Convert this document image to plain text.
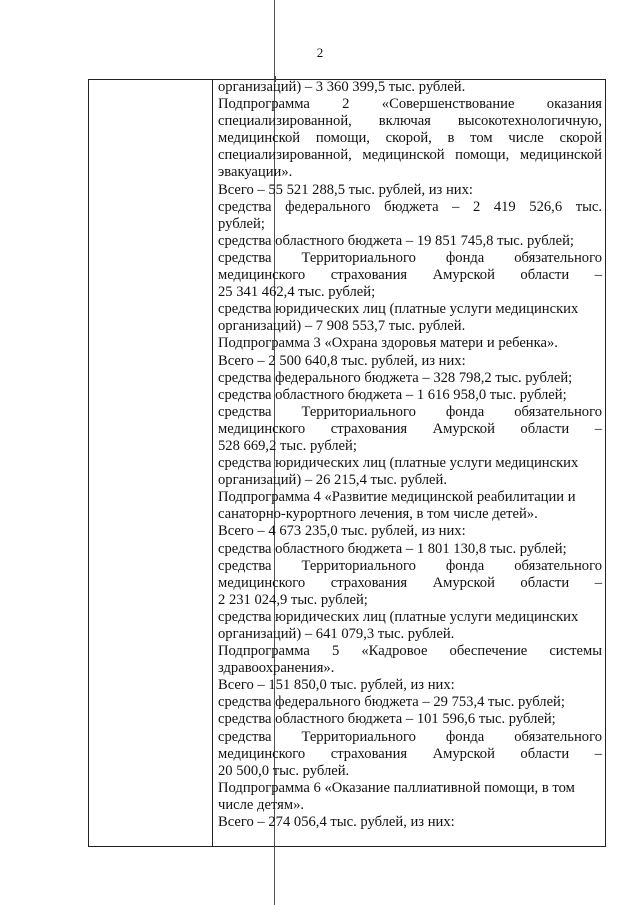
2
организаций) – 3 360 399,5 тыс. рублей.
Подпрограмма 2 «Совершенствование оказания
специализированной, включая высокотехнологичную,
медицинской помощи, скорой, в том числе скорой
специализированной, медицинской помощи, медицинской
эвакуации».
Всего – 55 521 288,5 тыс. рублей, из них:
средства федерального бюджета – 2 419 526,6 тыс.
рублей;
средства областного бюджета – 19 851 745,8 тыс. рублей;
средства Территориального фонда обязательного
медицинского страхования Амурской области –
25 341 462,4 тыс. рублей;
средства юридических лиц (платные услуги медицинских
организаций) – 7 908 553,7 тыс. рублей.
Подпрограмма 3 «Охрана здоровья матери и ребенка».
Всего – 2 500 640,8 тыс. рублей, из них:
средства федерального бюджета – 328 798,2 тыс. рублей;
средства областного бюджета – 1 616 958,0 тыс. рублей;
средства Территориального фонда обязательного
медицинского страхования Амурской области –
528 669,2 тыс. рублей;
средства юридических лиц (платные услуги медицинских
организаций) – 26 215,4 тыс. рублей.
Подпрограмма 4 «Развитие медицинской реабилитации и
санаторно-курортного лечения, в том числе детей».
Всего – 4 673 235,0 тыс. рублей, из них:
средства областного бюджета – 1 801 130,8 тыс. рублей;
средства Территориального фонда обязательного
медицинского страхования Амурской области –
2 231 024,9 тыс. рублей;
средства юридических лиц (платные услуги медицинских
организаций) – 641 079,3 тыс. рублей.
Подпрограмма 5 «Кадровое обеспечение системы
здравоохранения».
Всего – 151 850,0 тыс. рублей, из них:
средства федерального бюджета – 29 753,4 тыс. рублей;
средства областного бюджета – 101 596,6 тыс. рублей;
средства Территориального фонда обязательного
медицинского страхования Амурской области –
20 500,0 тыс. рублей.
Подпрограмма 6 «Оказание паллиативной помощи, в том
числе детям».
Всего – 274 056,4 тыс. рублей, из них:
